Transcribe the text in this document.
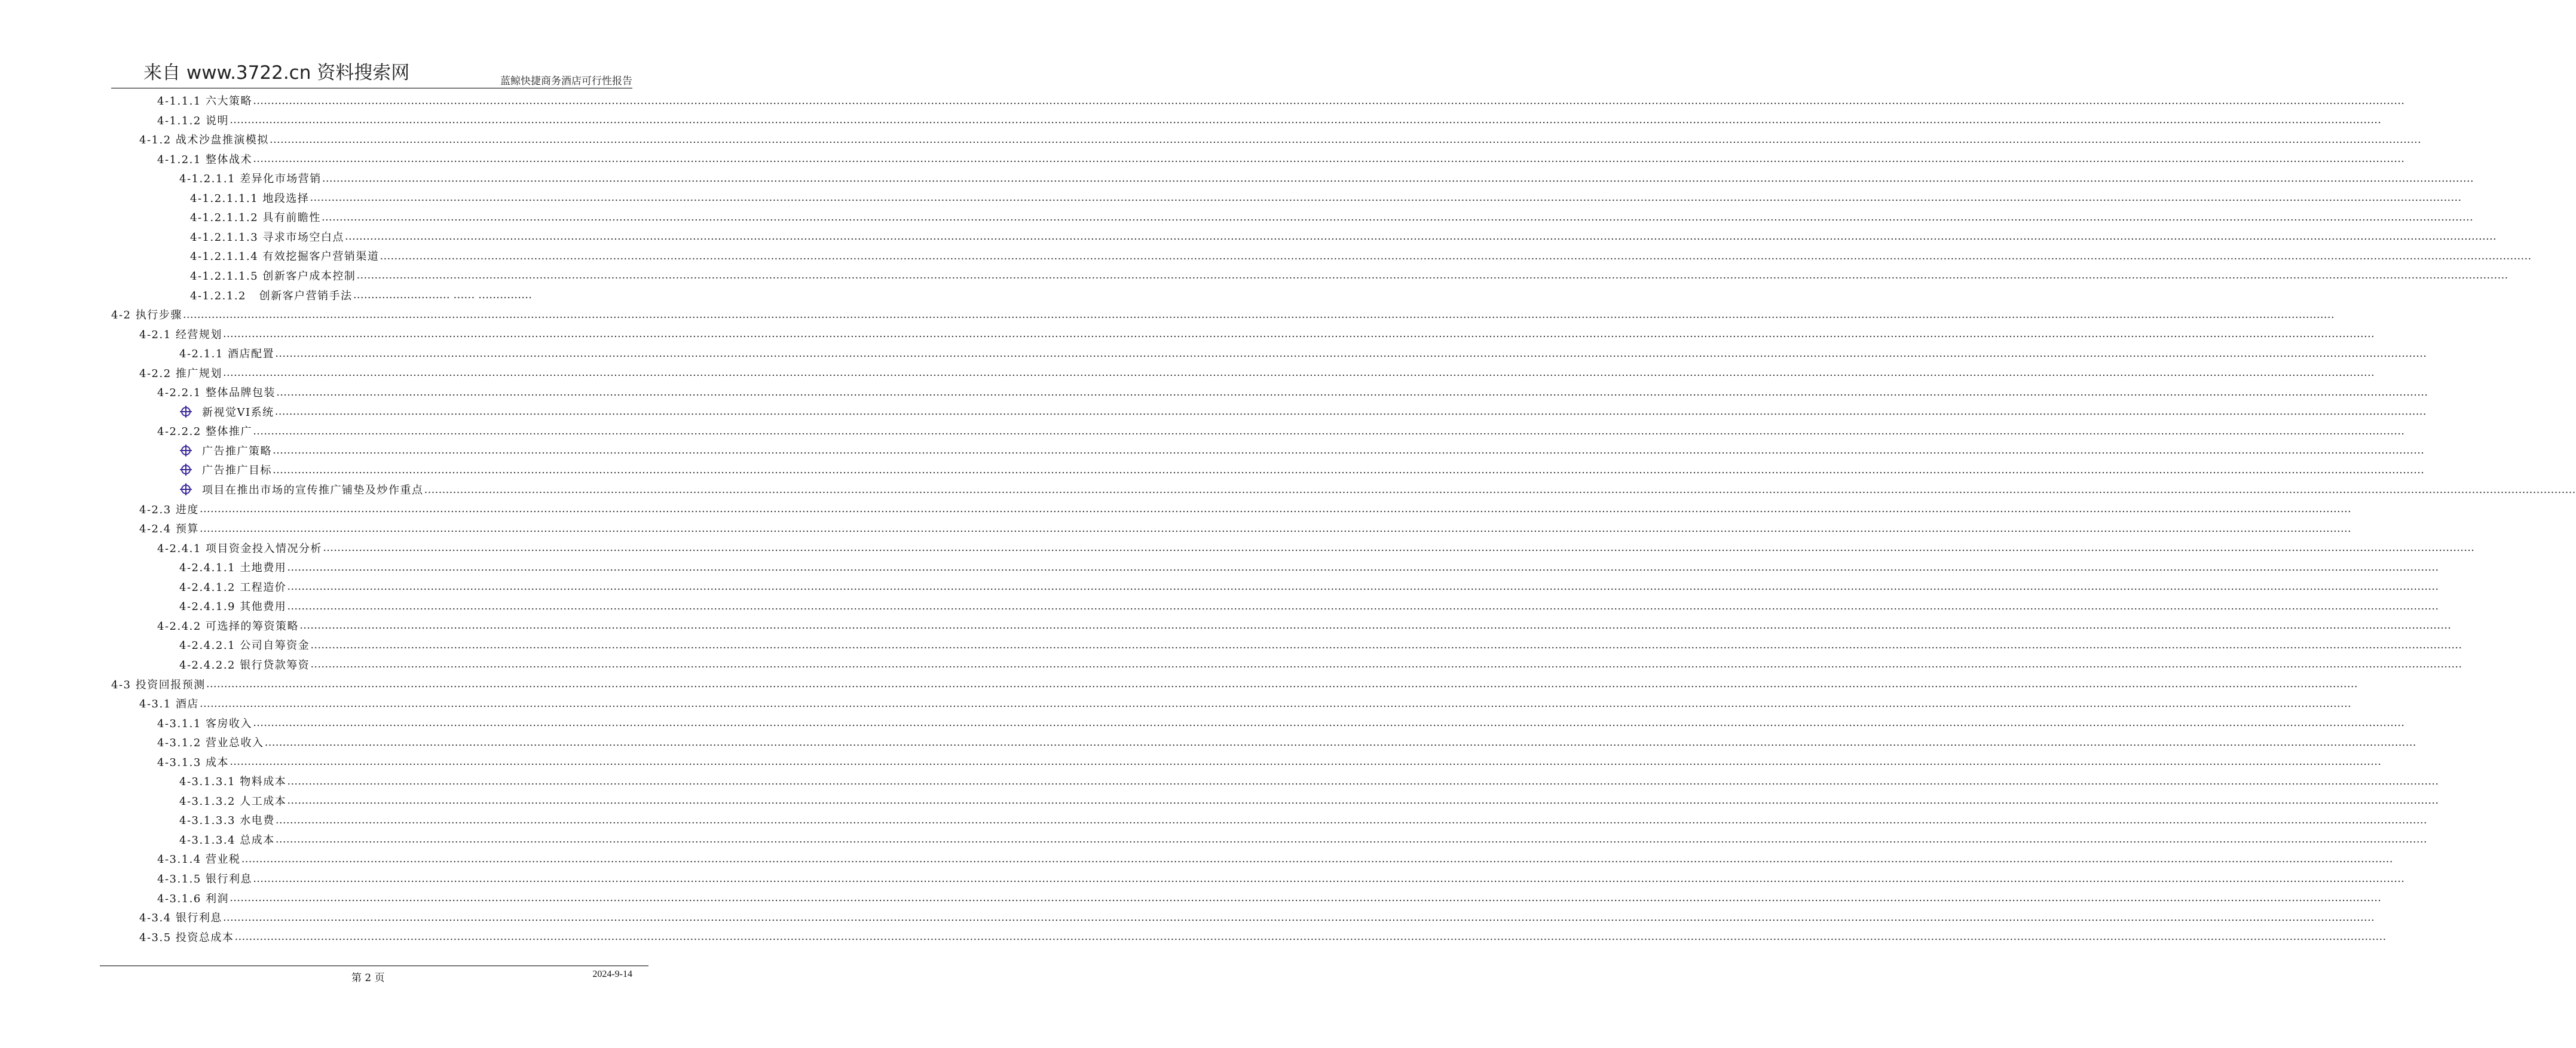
来自 www.3722.cn 资料搜索网	蓝鲸快捷商务酒店可行性报告
4-1.1.1 六大策略 ……………………………………………………………………………………………………………………………………………………………………………………………………………………………………………………………………………………………………………………………………………………………………………………………………………………………………………………………………………………………………………………………………………………
4-1.1.2 说明 ……………………………………………………………………………………………………………………………………………………………………………………………………………………………………………………………………………………………………………………………………………………………………………………………………………………………………………………………………………………………………………………………………………………
4-1.2 战术沙盘推演模拟 ……………………………………………………………………………………………………………………………………………………………………………………………………………………………………………………………………………………………………………………………………………………………………………………………………………………………………………………………………………………………………………………………………………………
4-1.2.1 整体战术 ……………………………………………………………………………………………………………………………………………………………………………………………………………………………………………………………………………………………………………………………………………………………………………………………………………………………………………………………………………………………………………………………………………………
4-1.2.1.1 差异化市场营销 ……………………………………………………………………………………………………………………………………………………………………………………………………………………………………………………………………………………………………………………………………………………………………………………………………………………………………………………………………………………………………………………………………………………
4-1.2.1.1.1 地段选择 ……………………………………………………………………………………………………………………………………………………………………………………………………………………………………………………………………………………………………………………………………………………………………………………………………………………………………………………………………………………………………………………………………………………
4-1.2.1.1.2 具有前瞻性 ……………………………………………………………………………………………………………………………………………………………………………………………………………………………………………………………………………………………………………………………………………………………………………………………………………………………………………………………………………………………………………………………………………………
4-1.2.1.1.3 寻求市场空白点 ……………………………………………………………………………………………………………………………………………………………………………………………………………………………………………………………………………………………………………………………………………………………………………………………………………………………………………………………………………………………………………………………………………………
4-1.2.1.1.4 有效挖掘客户营销渠道 ……………………………………………………………………………………………………………………………………………………………………………………………………………………………………………………………………………………………………………………………………………………………………………………………………………………………………………………………………………………………………………………………………………………
4-1.2.1.1.5 创新客户成本控制 ……………………………………………………………………………………………………………………………………………………………………………………………………………………………………………………………………………………………………………………………………………………………………………………………………………………………………………………………………………………………………………………………………………………
4-1.2.1.2   创新客户营销手法 ……………………… …… ……………
4-2 执行步骤 ……………………………………………………………………………………………………………………………………………………………………………………………………………………………………………………………………………………………………………………………………………………………………………………………………………………………………………………………………………………………………………………………………………………
4-2.1 经营规划 ……………………………………………………………………………………………………………………………………………………………………………………………………………………………………………………………………………………………………………………………………………………………………………………………………………………………………………………………………………………………………………………………………………………
4-2.1.1 酒店配置 ……………………………………………………………………………………………………………………………………………………………………………………………………………………………………………………………………………………………………………………………………………………………………………………………………………………………………………………………………………………………………………………………………………………
4-2.2 推广规划 ……………………………………………………………………………………………………………………………………………………………………………………………………………………………………………………………………………………………………………………………………………………………………………………………………………………………………………………………………………………………………………………………………………………
4-2.2.1 整体品牌包装 ……………………………………………………………………………………………………………………………………………………………………………………………………………………………………………………………………………………………………………………………………………………………………………………………………………………………………………………………………………………………………………………………………………………
新视觉VI系统 ……………………………………………………………………………………………………………………………………………………………………………………………………………………………………………………………………………………………………………………………………………………………………………………………………………………………………………………………………………………………………………………………………………………
4-2.2.2 整体推广 ……………………………………………………………………………………………………………………………………………………………………………………………………………………………………………………………………………………………………………………………………………………………………………………………………………………………………………………………………………………………………………………………………………………
广告推广策略 ……………………………………………………………………………………………………………………………………………………………………………………………………………………………………………………………………………………………………………………………………………………………………………………………………………………………………………………………………………………………………………………………………………………
广告推广目标 ……………………………………………………………………………………………………………………………………………………………………………………………………………………………………………………………………………………………………………………………………………………………………………………………………………………………………………………………………………………………………………………………………………………
项目在推出市场的宣传推广铺垫及炒作重点 ……………………………………………………………………………………………………………………………………………………………………………………………………………………………………………………………………………………………………………………………………………………………………………………………………………………………………………………………………………………………………………………………………………………
4-2.3 进度 ……………………………………………………………………………………………………………………………………………………………………………………………………………………………………………………………………………………………………………………………………………………………………………………………………………………………………………………………………………………………………………………………………………………
4-2.4 预算 ……………………………………………………………………………………………………………………………………………………………………………………………………………………………………………………………………………………………………………………………………………………………………………………………………………………………………………………………………………………………………………………………………………………
4-2.4.1 项目资金投入情况分析 ……………………………………………………………………………………………………………………………………………………………………………………………………………………………………………………………………………………………………………………………………………………………………………………………………………………………………………………………………………………………………………………………………………………
4-2.4.1.1 土地费用 ……………………………………………………………………………………………………………………………………………………………………………………………………………………………………………………………………………………………………………………………………………………………………………………………………………………………………………………………………………………………………………………………………………………
4-2.4.1.2 工程造价 ……………………………………………………………………………………………………………………………………………………………………………………………………………………………………………………………………………………………………………………………………………………………………………………………………………………………………………………………………………………………………………………………………………………
4-2.4.1.9 其他费用 ……………………………………………………………………………………………………………………………………………………………………………………………………………………………………………………………………………………………………………………………………………………………………………………………………………………………………………………………………………………………………………………………………………………
4-2.4.2 可选择的筹资策略 ……………………………………………………………………………………………………………………………………………………………………………………………………………………………………………………………………………………………………………………………………………………………………………………………………………………………………………………………………………………………………………………………………………………
4-2.4.2.1 公司自筹资金 ……………………………………………………………………………………………………………………………………………………………………………………………………………………………………………………………………………………………………………………………………………………………………………………………………………………………………………………………………………………………………………………………………………………
4-2.4.2.2 银行贷款筹资 ……………………………………………………………………………………………………………………………………………………………………………………………………………………………………………………………………………………………………………………………………………………………………………………………………………………………………………………………………………………………………………………………………………………
4-3 投资回报预测 ……………………………………………………………………………………………………………………………………………………………………………………………………………………………………………………………………………………………………………………………………………………………………………………………………………………………………………………………………………………………………………………………………………………
4-3.1 酒店 ……………………………………………………………………………………………………………………………………………………………………………………………………………………………………………………………………………………………………………………………………………………………………………………………………………………………………………………………………………………………………………………………………………………
4-3.1.1 客房收入 ……………………………………………………………………………………………………………………………………………………………………………………………………………………………………………………………………………………………………………………………………………………………………………………………………………………………………………………………………………………………………………………………………………………
4-3.1.2 营业总收入 ……………………………………………………………………………………………………………………………………………………………………………………………………………………………………………………………………………………………………………………………………………………………………………………………………………………………………………………………………………………………………………………………………………………
4-3.1.3 成本 ……………………………………………………………………………………………………………………………………………………………………………………………………………………………………………………………………………………………………………………………………………………………………………………………………………………………………………………………………………………………………………………………………………………
4-3.1.3.1 物料成本 ……………………………………………………………………………………………………………………………………………………………………………………………………………………………………………………………………………………………………………………………………………………………………………………………………………………………………………………………………………………………………………………………………………………
4-3.1.3.2 人工成本 ……………………………………………………………………………………………………………………………………………………………………………………………………………………………………………………………………………………………………………………………………………………………………………………………………………………………………………………………………………………………………………………………………………………
4-3.1.3.3 水电费 ……………………………………………………………………………………………………………………………………………………………………………………………………………………………………………………………………………………………………………………………………………………………………………………………………………………………………………………………………………………………………………………………………………………
4-3.1.3.4 总成本 ……………………………………………………………………………………………………………………………………………………………………………………………………………………………………………………………………………………………………………………………………………………………………………………………………………………………………………………………………………………………………………………………………………………
4-3.1.4 营业税 ……………………………………………………………………………………………………………………………………………………………………………………………………………………………………………………………………………………………………………………………………………………………………………………………………………………………………………………………………………………………………………………………………………………
4-3.1.5 银行利息 ……………………………………………………………………………………………………………………………………………………………………………………………………………………………………………………………………………………………………………………………………………………………………………………………………………………………………………………………………………………………………………………………………………………
4-3.1.6 利润 ……………………………………………………………………………………………………………………………………………………………………………………………………………………………………………………………………………………………………………………………………………………………………………………………………………………………………………………………………………………………………………………………………………………
4-3.4 银行利息 ……………………………………………………………………………………………………………………………………………………………………………………………………………………………………………………………………………………………………………………………………………………………………………………………………………………………………………………………………………………………………………………………………………………
4-3.5 投资总成本 ……………………………………………………………………………………………………………………………………………………………………………………………………………………………………………………………………………………………………………………………………………………………………………………………………………………………………………………………………………………………………………………………………………………
第 2 页	2024-9-14
